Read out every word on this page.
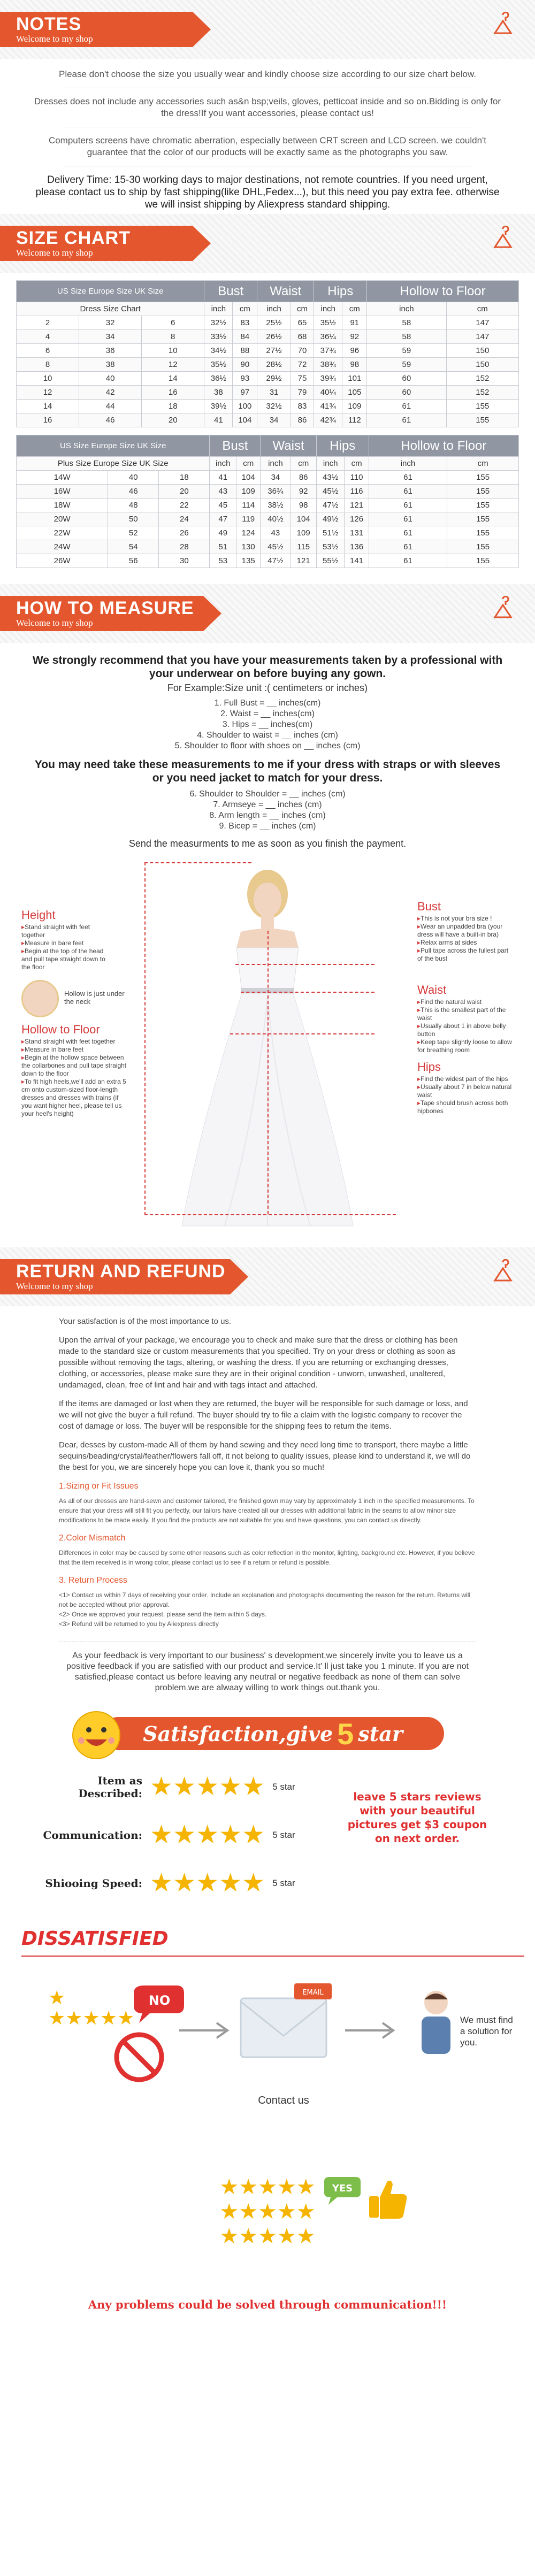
NOTES
Welcome to my shop

Please don't choose the size you usually wear and kindly choose size according to our size chart below.

Dresses does not include any accessories such as&n bsp;veils, gloves, petticoat inside and so on.Bidding is only for the dress!If you want accessories, please contact us!

Computers screens have chromatic aberration, especially between CRT screen and LCD screen. we couldn't guarantee that the color of our products will be exactly same as the photographs you saw.

Delivery Time: 15-30 working days to major destinations, not remote countries. If you need urgent, please contact us to ship by fast shipping(like DHL,Fedex...), but this need you pay extra fee. otherwise we will insist shipping by Aliexpress standard shipping.
SIZE CHART
Welcome to my shop
US Size Europe Size UK Size			Bust		Waist		Hips		Hollow to Floor	
Dress Size Chart			inch	cm	inch	cm	inch	cm	inch	cm
2	32	6	32½	83	25½	65	35½	91	58	147
4	34	8	33½	84	26½	68	36¼	92	58	147
6	36	10	34½	88	27½	70	37¾	96	59	150
8	38	12	35½	90	28½	72	38¾	98	59	150
10	40	14	36½	93	29½	75	39¾	101	60	152
12	42	16	38	97	31	79	40¼	105	60	152
14	44	18	39½	100	32½	83	41¾	109	61	155
16	46	20	41	104	34	86	42¾	112	61	155
US Size Europe Size UK Size			Bust		Waist		Hips		Hollow to Floor	
Plus Size Europe Size UK Size			inch	cm	inch	cm	inch	cm	inch	cm
14W	40	18	41	104	34	86	43½	110	61	155
16W	46	20	43	109	36¾	92	45½	116	61	155
18W	48	22	45	114	38½	98	47½	121	61	155
20W	50	24	47	119	40½	104	49½	126	61	155
22W	52	26	49	124	43	109	51½	131	61	155
24W	54	28	51	130	45½	115	53½	136	61	155
26W	56	30	53	135	47½	121	55½	141	61	155
HOW TO MEASURE
Welcome to my shop
We strongly recommend that you have your measurements taken by a professional with your underwear on before buying any gown.
For Example:Size unit :( centimeters or inches)
1. Full Bust = __ inches(cm)
2. Waist = __ inches(cm)
3. Hips = __ inches(cm)
4. Shoulder to waist = __ inches (cm)
5. Shoulder to floor with shoes on __ inches (cm)
You may need take these measurements to me if your dress with straps or with sleeves or you need jacket to match for your dress.
6. Shoulder to Shoulder = __ inches (cm)
7. Armseye = __ inches (cm)
8. Arm length = __ inches (cm)
9. Bicep = __ inches (cm)
Send the measurments to me as soon as you finish the payment.
Height
▸ Stand straight with feet together
▸ Measure in bare feet
▸ Begin at the top of the head and pull tape straight down to the floor
Hollow is just under the neck
Hollow to Floor
▸ Stand straight with feet together
▸ Measure in bare feet
▸ Begin at the hollow space between the collarbones and pull tape straight down to the floor
▸ To fit high heels,we'll add an extra 5 cm onto custom-sized floor-length dresses and dresses with trains (if you want higher heel, please tell us your heel's height)
Bust
▸ This is not your bra size !
▸ Wear an unpadded bra (your dress will have a built-in bra)
▸ Relax arms at sides
▸ Pull tape across the fullest part of the bust
Waist
▸ Find the natural waist
▸ This is the smallest part of the waist
▸ Usually about 1 in above belly button
▸ Keep tape slightly loose to allow for breathing room
Hips
▸ Find the widest part of the hips
▸ Usually about 7 in below natural waist
▸ Tape should brush across both hipbones
RETURN AND REFUND
Welcome to my shop

Your satisfaction is of the most importance to us.

Upon the arrival of your package, we encourage you to check and make sure that the dress or clothing has been made to the standard size or custom measurements that you specified. Try on your dress or clothing as soon as possible without removing the tags, altering, or washing the dress. If you are returning or exchanging dresses, clothing, or accessories, please make sure they are in their original condition - unworn, unwashed, unaltered, undamaged, clean, free of lint and hair and with tags intact and attached.

If the items are damaged or lost when they are returned, the buyer will be responsible for such damage or loss, and we will not give the buyer a full refund. The buyer should try to file a claim with the logistic company to recover the cost of damage or loss. The buyer will be responsible for the shipping fees to return the items.

Dear, desses by custom-made All of them by hand sewing and they need long time to transport, there maybe a little sequins/beading/crystal/feather/flowers fall off, it not belong to quality issues, please kind to understand it, we will do the best for you, we are sincerely hope you can love it, thank you so much!

1.Sizing or Fit Issues
As all of our dresses are hand-sewn and customer tailored, the finished gown may vary by approximately 1 inch in the specified measurements. To ensure that your dress will still fit you perfectly, our tailors have created all our dresses with additional fabric in the seams to allow minor size modifications to be made easily. If you find the products are not suitable for you and have questions, you can contact us directly.
2.Color Mismatch
Differences in color may be caused by some other reasons such as color reflection in the monitor, lighting, background etc. However, if you believe that the item received is in wrong color, please contact us to see if a return or refund is possible.
3. Return Process
<1> Contact us within 7 days of receiving your order. Include an explanation and photographs documenting the reason for the return. Returns will not be accepted without prior approval.
<2> Once we approved your request, please send the item within 5 days.
<3> Refund will be returned to you by Aliexpress directly
As your feedback is very important to our business' s development,we sincerely invite you to leave us a positive feedback if you are satisfied with our product and service.It' ll just take you 1 minute. If you are not satisfied,please contact us before leaving any neutral or negative feedback as none of them can solve problem.we are alwaay willing to work things out.thank you.
Satisfaction,give 5 star
Item as Described: ★★★★★ 5 star
Communication: ★★★★★ 5 star
Shiooing Speed: ★★★★★ 5 star
leave 5 stars reviews with your beautiful pictures get $3 coupon on next order.
DISSATISFIED
★
★★★★★
NO
EMAIL
Contact us
We must find a solution for you.
★★★★★
★★★★★
★★★★★
YES
Any problems could be solved through communication!!!
